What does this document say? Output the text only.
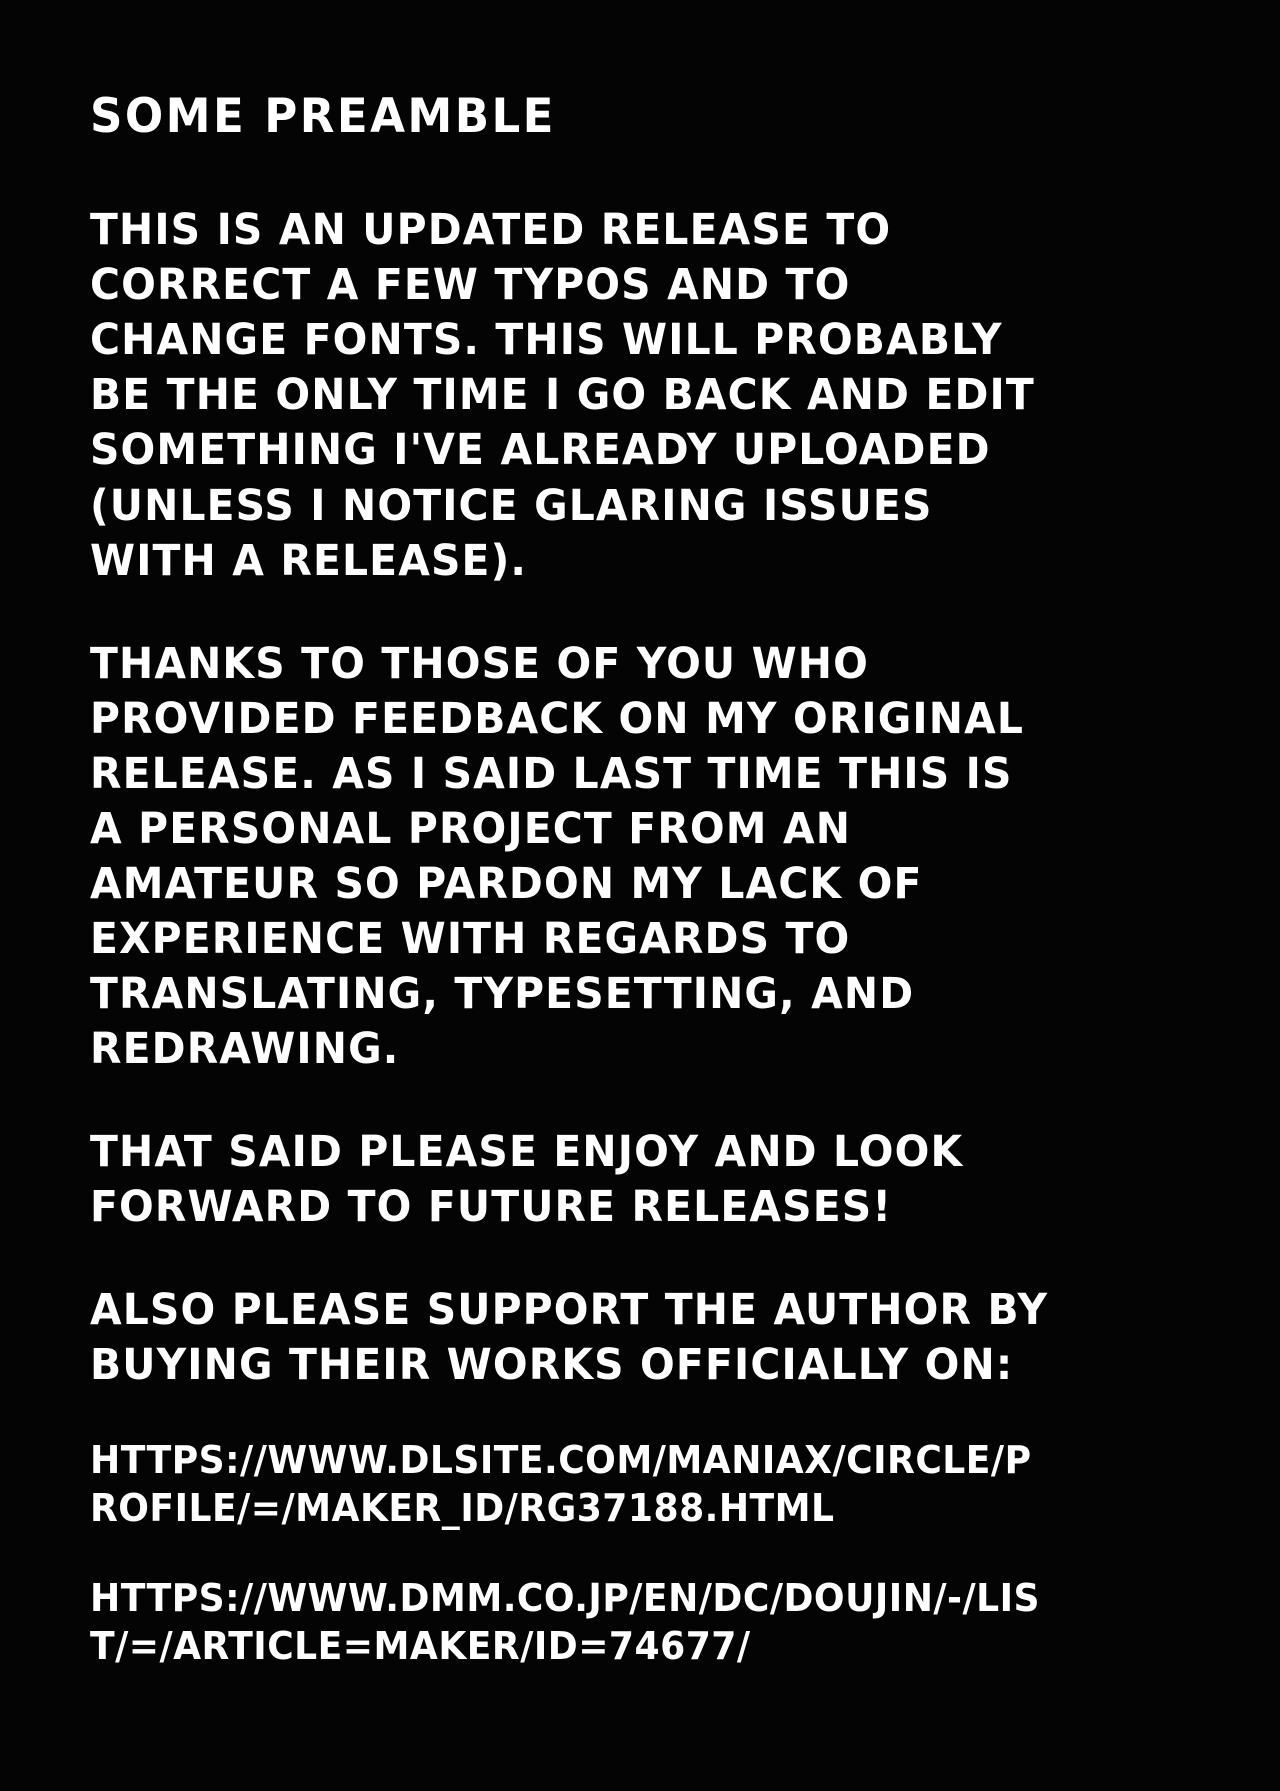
SOME PREAMBLE

THIS IS AN UPDATED RELEASE TO CORRECT A FEW TYPOS AND TO CHANGE FONTS. THIS WILL PROBABLY BE THE ONLY TIME I GO BACK AND EDIT SOMETHING I'VE ALREADY UPLOADED (UNLESS I NOTICE GLARING ISSUES WITH A RELEASE).

THANKS TO THOSE OF YOU WHO PROVIDED FEEDBACK ON MY ORIGINAL RELEASE. AS I SAID LAST TIME THIS IS A PERSONAL PROJECT FROM AN AMATEUR SO PARDON MY LACK OF EXPERIENCE WITH REGARDS TO TRANSLATING, TYPESETTING, AND REDRAWING.

THAT SAID PLEASE ENJOY AND LOOK FORWARD TO FUTURE RELEASES!

ALSO PLEASE SUPPORT THE AUTHOR BY BUYING THEIR WORKS OFFICIALLY ON:

HTTPS://WWW.DLSITE.COM/MANIAX/CIRCLE/PROFILE/=/MAKER_ID/RG37188.HTML
HTTPS://WWW.DMM.CO.JP/EN/DC/DOUJIN/-/LIST/=/ARTICLE=MAKER/ID=74677/
